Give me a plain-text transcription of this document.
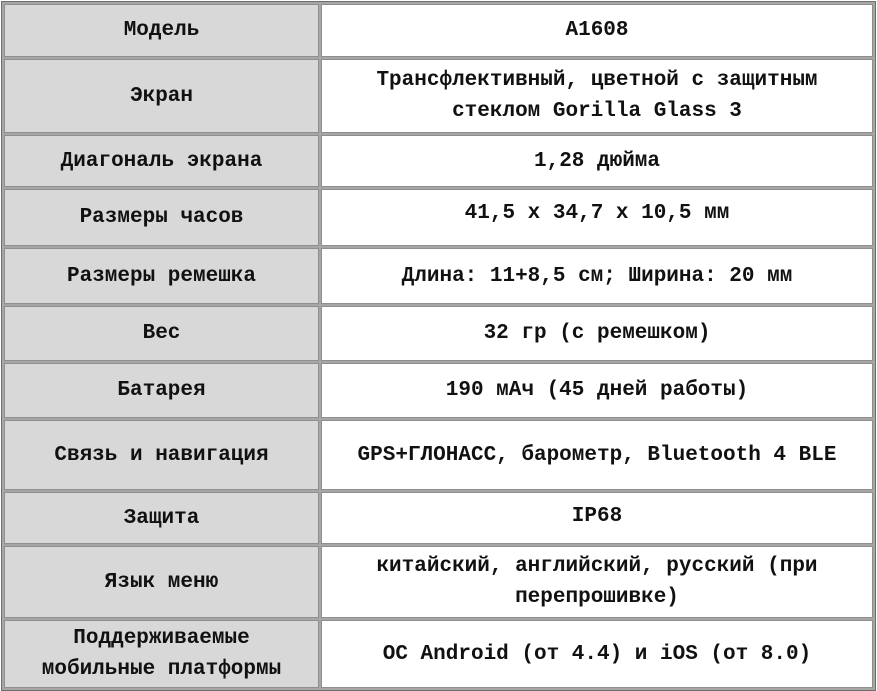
Модель	A1608
Экран	Трансфлективный, цветной с защитным стеклом Gorilla Glass 3
Диагональ экрана	1,28 дюйма
Размеры часов	41,5 x 34,7 x 10,5 мм
Размеры ремешка	Длина: 11+8,5 см; Ширина: 20 мм
Вес	32 гр (с ремешком)
Батарея	190 мАч (45 дней работы)
Связь и навигация	GPS+ГЛОНАСС, барометр, Bluetooth 4 BLE
Защита	IP68
Язык меню	китайский, английский, русский (при перепрошивке)
Поддерживаемые мобильные платформы	ОС Android (от 4.4) и iOS (от 8.0)
